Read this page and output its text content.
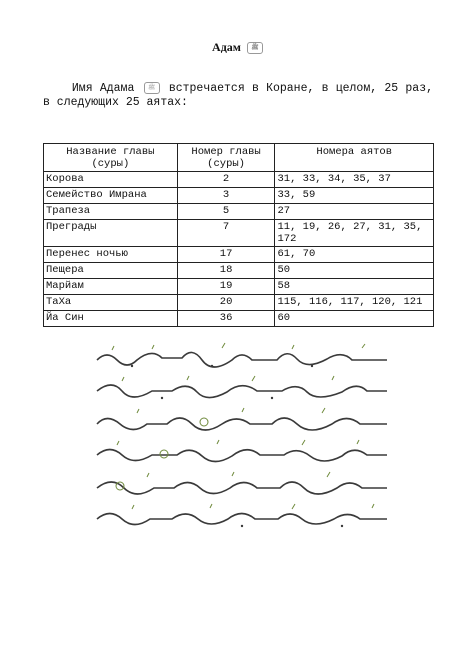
Адам ﷺ
Имя Адама ﷺ встречается в Коране, в целом, 25 раз, в следующих 25 аятах:
Название главы (суры)	Номер главы (суры)	Номера аятов
Корова	2	31, 33, 34, 35, 37
Семейство Имрана	3	33, 59
Трапеза	5	27
Преграды	7	11, 19, 26, 27, 31, 35, 172
Перенес ночью	17	61, 70
Пещера	18	50
Марйам	19	58
ТаХа	20	115, 116, 117, 120, 121
Йа Син	36	60
